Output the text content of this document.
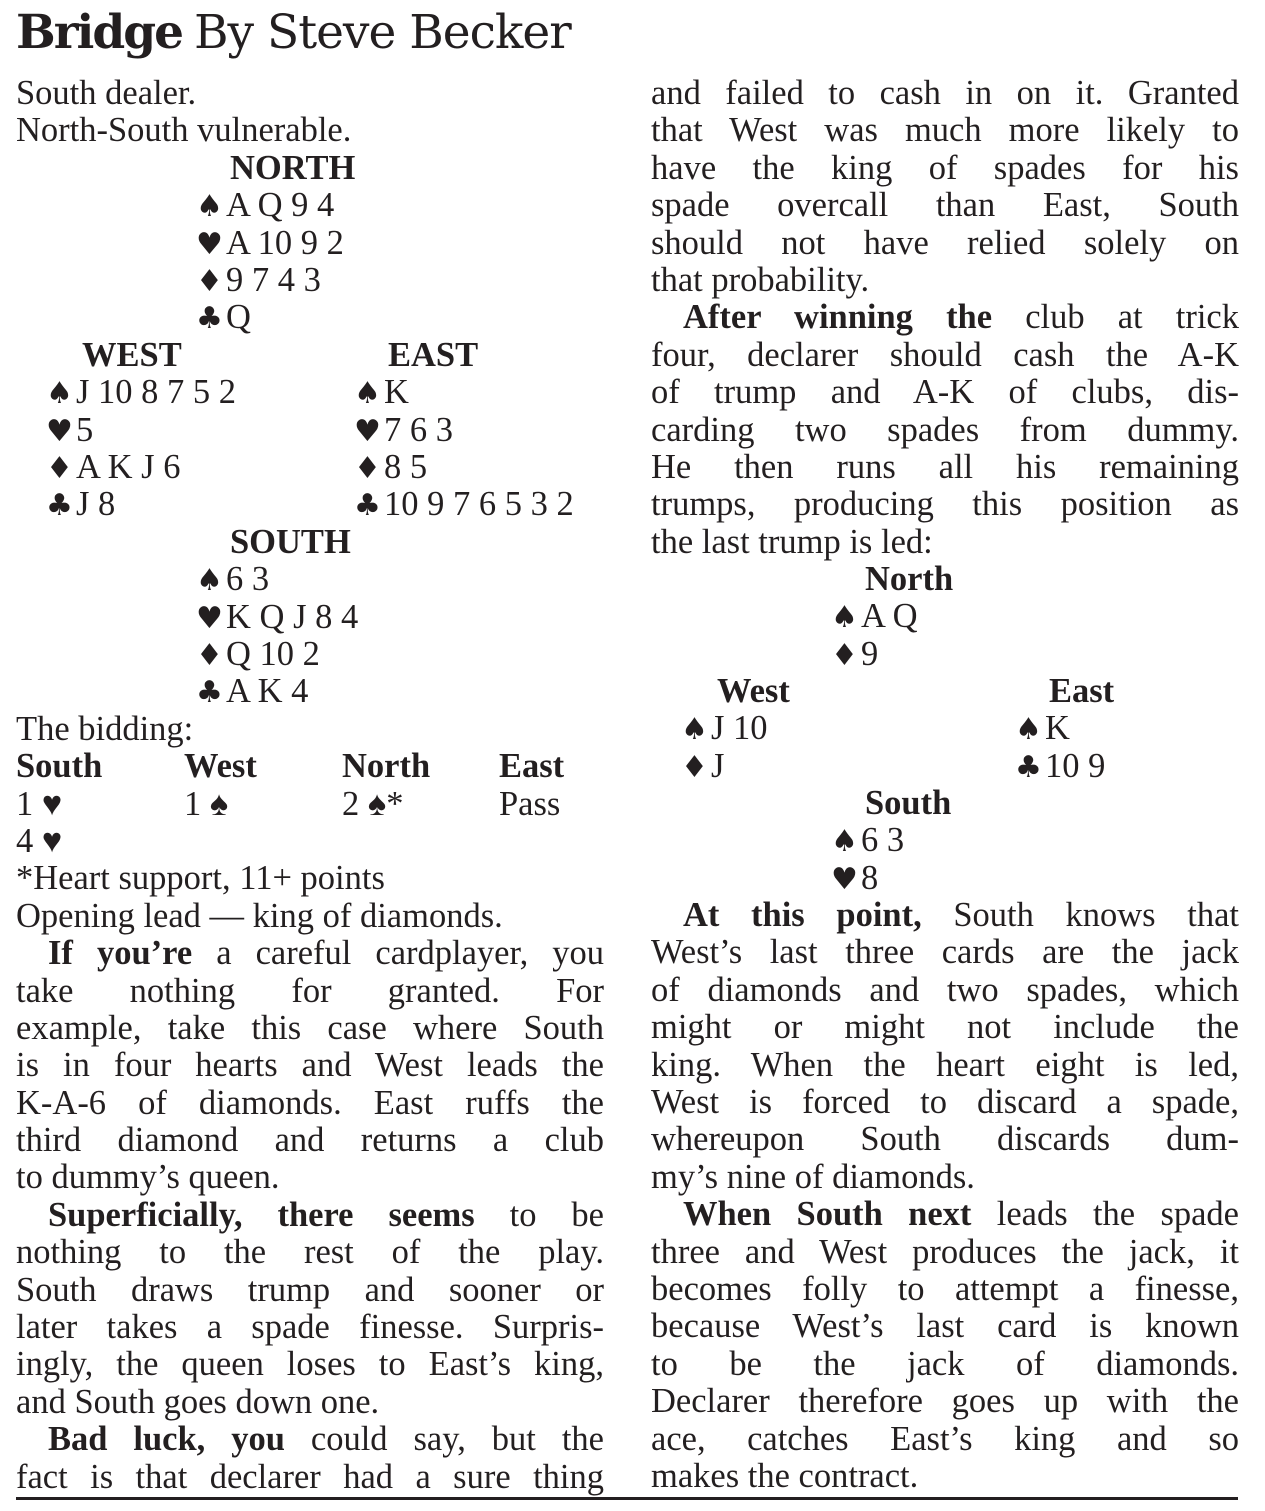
Bridge By Steve Becker
South dealer.
North-South vulnerable.
NORTH
♠A Q 9 4
♥A 10 9 2
♦9 7 4 3
♣Q
WEST
♠J 10 8 7 5 2
♥5
♦A K J 6
♣J 8
EAST
♠K
♥7 6 3
♦8 5
♣10 9 7 6 5 3 2
SOUTH
♠6 3
♥K Q J 8 4
♦Q 10 2
♣A K 4
The bidding:
South	West	North	East
1 ♥	1 ♠	2 ♠*	Pass
4 ♥
*Heart support, 11+ points
Opening lead — king of diamonds.
If you’re a careful cardplayer, you
take nothing for granted. For
example, take this case where South
is in four hearts and West leads the
K-A-6 of diamonds. East ruffs the
third diamond and returns a club
to dummy’s queen.
Superficially, there seems to be
nothing to the rest of the play.
South draws trump and sooner or
later takes a spade finesse. Surpris-
ingly, the queen loses to East’s king,
and South goes down one.
Bad luck, you could say, but the
fact is that declarer had a sure thing
and failed to cash in on it. Granted
that West was much more likely to
have the king of spades for his
spade overcall than East, South
should not have relied solely on
that probability.
After winning the club at trick
four, declarer should cash the A-K
of trump and A-K of clubs, dis-
carding two spades from dummy.
He then runs all his remaining
trumps, producing this position as
the last trump is led:
North
♠A Q
♦9
West
♠J 10
♦J
East
♠K
♣10 9
South
♠6 3
♥8
At this point, South knows that
West’s last three cards are the jack
of diamonds and two spades, which
might or might not include the
king. When the heart eight is led,
West is forced to discard a spade,
whereupon South discards dum-
my’s nine of diamonds.
When South next leads the spade
three and West produces the jack, it
becomes folly to attempt a finesse,
because West’s last card is known
to be the jack of diamonds.
Declarer therefore goes up with the
ace, catches East’s king and so
makes the contract.
